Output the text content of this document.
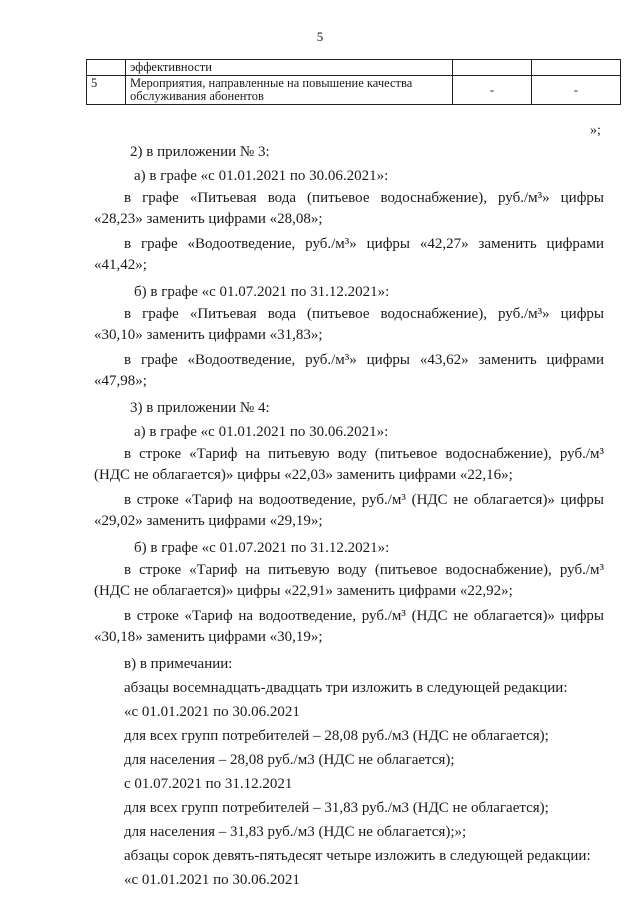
5
	эффективности		
5	Мероприятия, направленные на повышение качества обслуживания абонентов	-	-
»;
2) в приложении № 3:
а) в графе «с 01.01.2021 по 30.06.2021»:
в графе «Питьевая вода (питьевое водоснабжение), руб./м³» цифры «28,23» заменить цифрами «28,08»;
в графе «Водоотведение, руб./м³» цифры «42,27» заменить цифрами «41,42»;
б) в графе «с 01.07.2021 по 31.12.2021»:
в графе «Питьевая вода (питьевое водоснабжение), руб./м³» цифры «30,10» заменить цифрами «31,83»;
в графе «Водоотведение, руб./м³» цифры «43,62» заменить цифрами «47,98»;
3) в приложении № 4:
а) в графе «с 01.01.2021 по 30.06.2021»:
в строке «Тариф на питьевую воду (питьевое водоснабжение), руб./м³ (НДС не облагается)» цифры «22,03» заменить цифрами «22,16»;
в строке «Тариф на водоотведение, руб./м³ (НДС не облагается)» цифры «29,02» заменить цифрами «29,19»;
б) в графе «с 01.07.2021 по 31.12.2021»:
в строке «Тариф на питьевую воду (питьевое водоснабжение), руб./м³ (НДС не облагается)» цифры «22,91» заменить цифрами «22,92»;
в строке «Тариф на водоотведение, руб./м³ (НДС не облагается)» цифры «30,18» заменить цифрами «30,19»;
в) в примечании:
абзацы восемнадцать-двадцать три изложить в следующей редакции:
«с 01.01.2021 по 30.06.2021
для всех групп потребителей – 28,08 руб./м3 (НДС не облагается);
для населения – 28,08 руб./м3 (НДС не облагается);
с 01.07.2021 по 31.12.2021
для всех групп потребителей – 31,83 руб./м3 (НДС не облагается);
для населения – 31,83 руб./м3 (НДС не облагается);»;
абзацы сорок девять-пятьдесят четыре изложить в следующей редакции:
«с 01.01.2021 по 30.06.2021
